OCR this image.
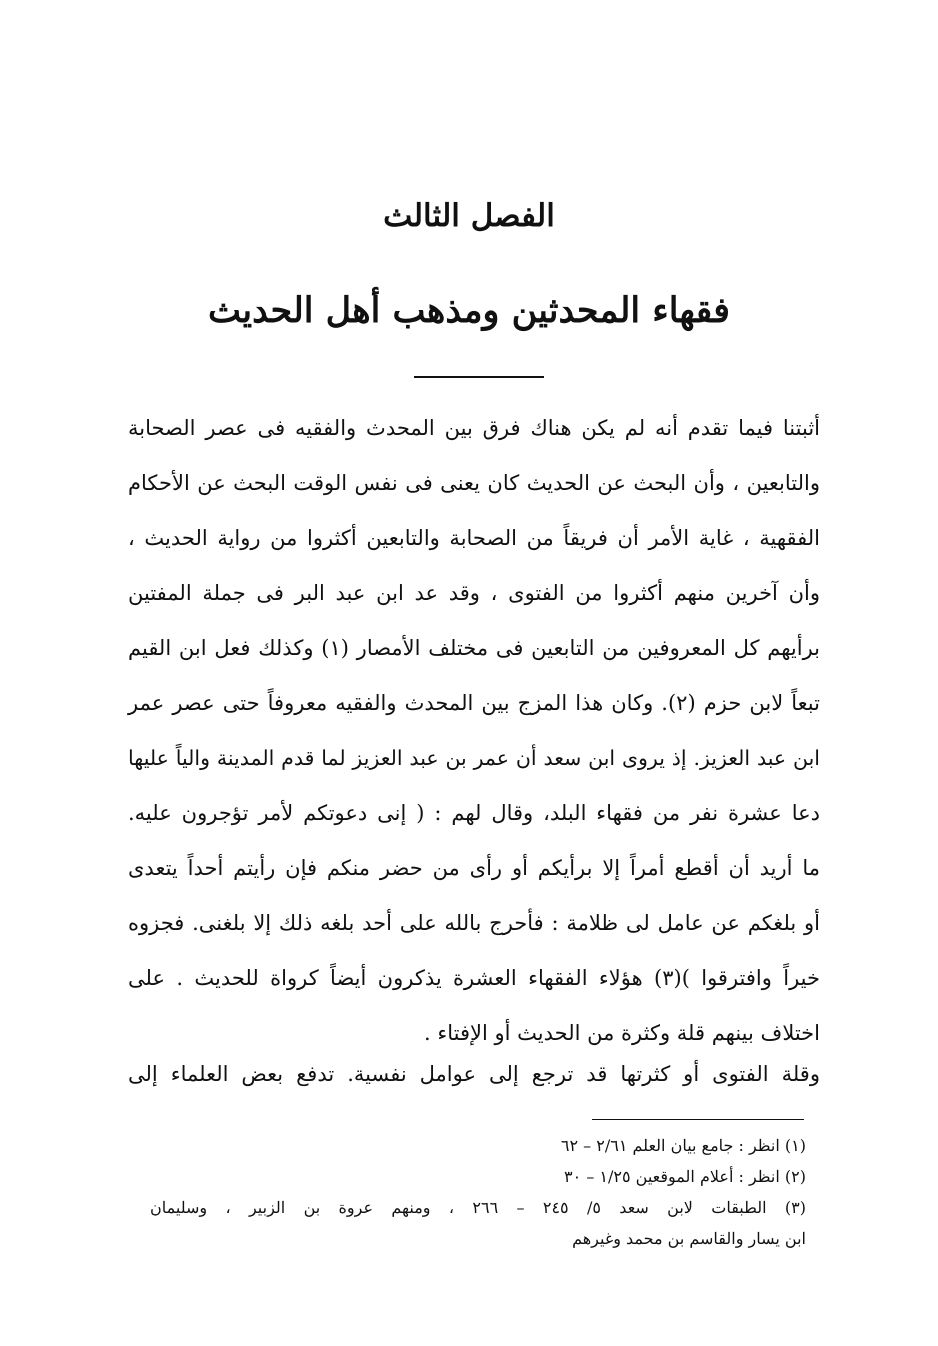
الفصل الثالث
فقهاء المحدثين ومذهب أهل الحديث
أثبتنا فيما تقدم أنه لم يكن هناك فرق بين المحدث والفقيه فى عصر الصحابة
والتابعين ، وأن البحث عن الحديث كان يعنى فى نفس الوقت البحث عن الأحكام
الفقهية ، غاية الأمر أن فريقاً من الصحابة والتابعين أكثروا من رواية الحديث ،
وأن آخرين منهم أكثروا من الفتوى ، وقد عد ابن عبد البر فى جملة المفتين
برأيهم كل المعروفين من التابعين فى مختلف الأمصار (١) وكذلك فعل ابن القيم
تبعاً لابن حزم (٢). وكان هذا المزج بين المحدث والفقيه معروفاً حتى عصر عمر
ابن عبد العزيز. إذ يروى ابن سعد أن عمر بن عبد العزيز لما قدم المدينة والياً عليها
دعا عشرة نفر من فقهاء البلد، وقال لهم : ( إنى دعوتكم لأمر تؤجرون عليه.
ما أريد أن أقطع أمراً إلا برأيكم أو رأى من حضر منكم فإن رأيتم أحداً يتعدى
أو بلغكم عن عامل لى ظلامة : فأحرج بالله على أحد بلغه ذلك إلا بلغنى. فجزوه
خيراً وافترقوا )(٣) هؤلاء الفقهاء العشرة يذكرون أيضاً كرواة للحديث . على
اختلاف بينهم قلة وكثرة من الحديث أو الإفتاء .
وقلة الفتوى أو كثرتها قد ترجع إلى عوامل نفسية. تدفع بعض العلماء إلى
(١) انظر : جامع بيان العلم ٢/٦١ – ٦٢
(٢) انظر : أعلام الموقعين ١/٢٥ – ٣٠
(٣) الطبقات لابن سعد ٥/ ٢٤٥ – ٢٦٦ ، ومنهم عروة بن الزبير ، وسليمان
ابن يسار والقاسم بن محمد وغيرهم
